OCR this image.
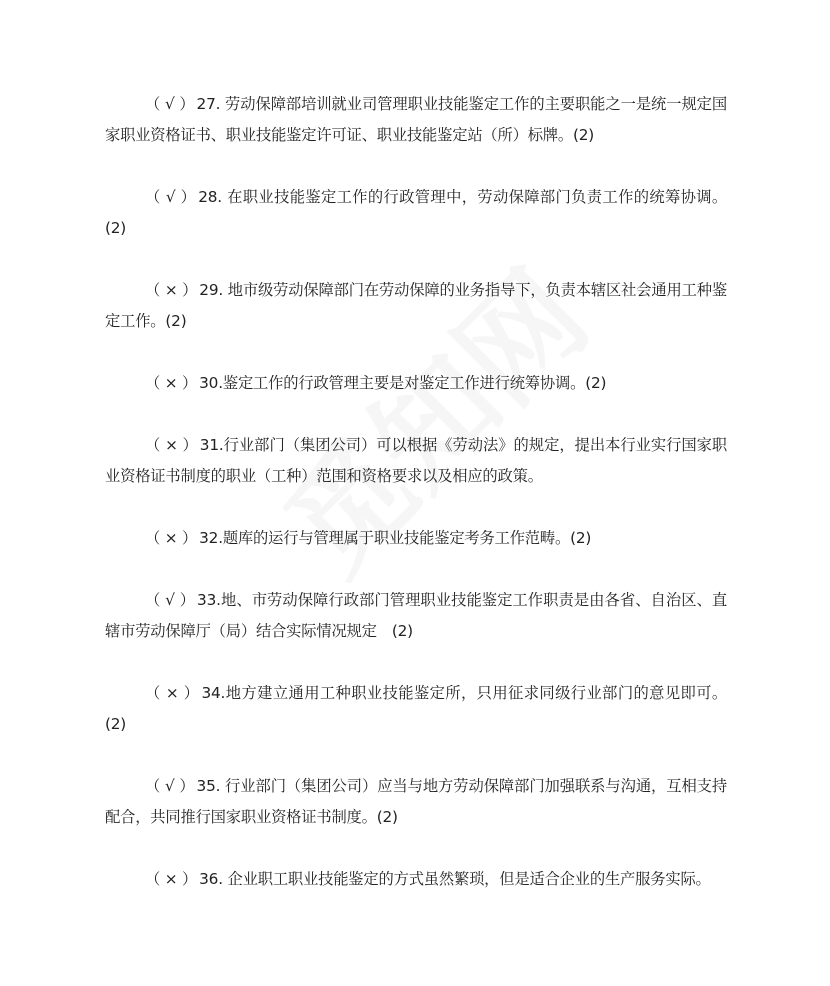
（ √ ） 27. 劳动保障部培训就业司管理职业技能鉴定工作的主要职能之一是统一规定国家职业资格证书、职业技能鉴定许可证、职业技能鉴定站（所）标牌。(2)

（ √ ） 28. 在职业技能鉴定工作的行政管理中，劳动保障部门负责工作的统筹协调。(2)

（ × ） 29. 地市级劳动保障部门在劳动保障的业务指导下，负责本辖区社会通用工种鉴定工作。(2)

（ × ） 30.鉴定工作的行政管理主要是对鉴定工作进行统筹协调。(2)

（ × ） 31.行业部门（集团公司）可以根据《劳动法》的规定，提出本行业实行国家职业资格证书制度的职业（工种）范围和资格要求以及相应的政策。

（ × ） 32.题库的运行与管理属于职业技能鉴定考务工作范畴。(2)

（ √ ） 33.地、市劳动保障行政部门管理职业技能鉴定工作职责是由各省、自治区、直辖市劳动保障厅（局）结合实际情况规定　(2)

（ × ） 34.地方建立通用工种职业技能鉴定所，只用征求同级行业部门的意见即可。(2)

（ √ ） 35. 行业部门（集团公司）应当与地方劳动保障部门加强联系与沟通，互相支持配合，共同推行国家职业资格证书制度。(2)

（ × ） 36. 企业职工职业技能鉴定的方式虽然繁琐，但是适合企业的生产服务实际。
